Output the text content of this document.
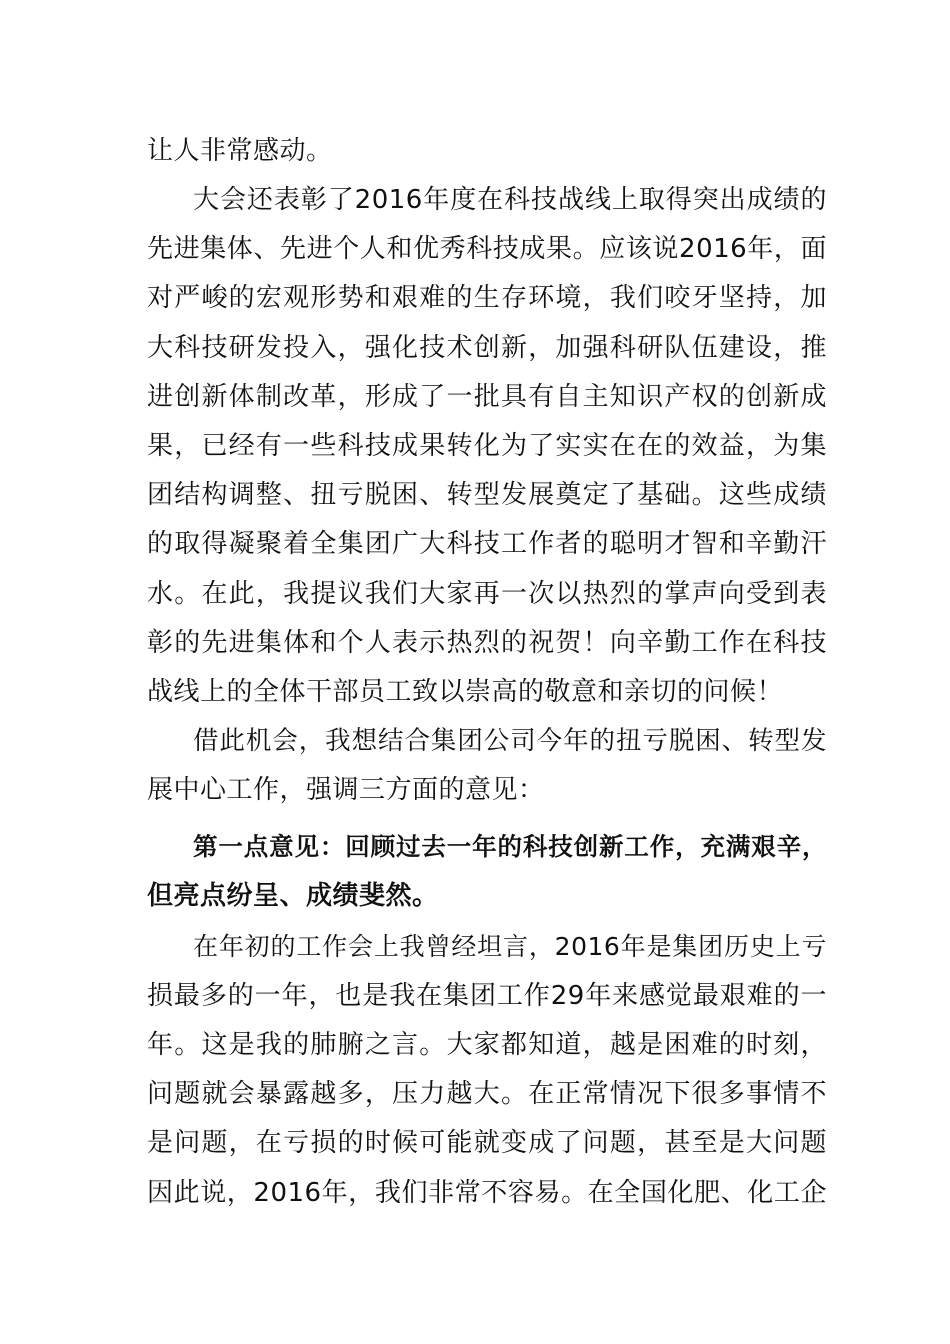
让人非常感动。
大会还表彰了2016年度在科技战线上取得突出成绩的
先进集体、先进个人和优秀科技成果。应该说2016年，面
对严峻的宏观形势和艰难的生存环境，我们咬牙坚持，加
大科技研发投入，强化技术创新，加强科研队伍建设，推
进创新体制改革，形成了一批具有自主知识产权的创新成
果，已经有一些科技成果转化为了实实在在的效益，为集
团结构调整、扭亏脱困、转型发展奠定了基础。这些成绩
的取得凝聚着全集团广大科技工作者的聪明才智和辛勤汗
水。在此，我提议我们大家再一次以热烈的掌声向受到表
彰的先进集体和个人表示热烈的祝贺！向辛勤工作在科技
战线上的全体干部员工致以崇高的敬意和亲切的问候！
借此机会，我想结合集团公司今年的扭亏脱困、转型发
展中心工作，强调三方面的意见：
第一点意见：回顾过去一年的科技创新工作，充满艰辛，
但亮点纷呈、成绩斐然。
在年初的工作会上我曾经坦言，2016年是集团历史上亏
损最多的一年，也是我在集团工作29年来感觉最艰难的一
年。这是我的肺腑之言。大家都知道，越是困难的时刻，
问题就会暴露越多，压力越大。在正常情况下很多事情不
是问题，在亏损的时候可能就变成了问题，甚至是大问题
因此说，2016年，我们非常不容易。在全国化肥、化工企
